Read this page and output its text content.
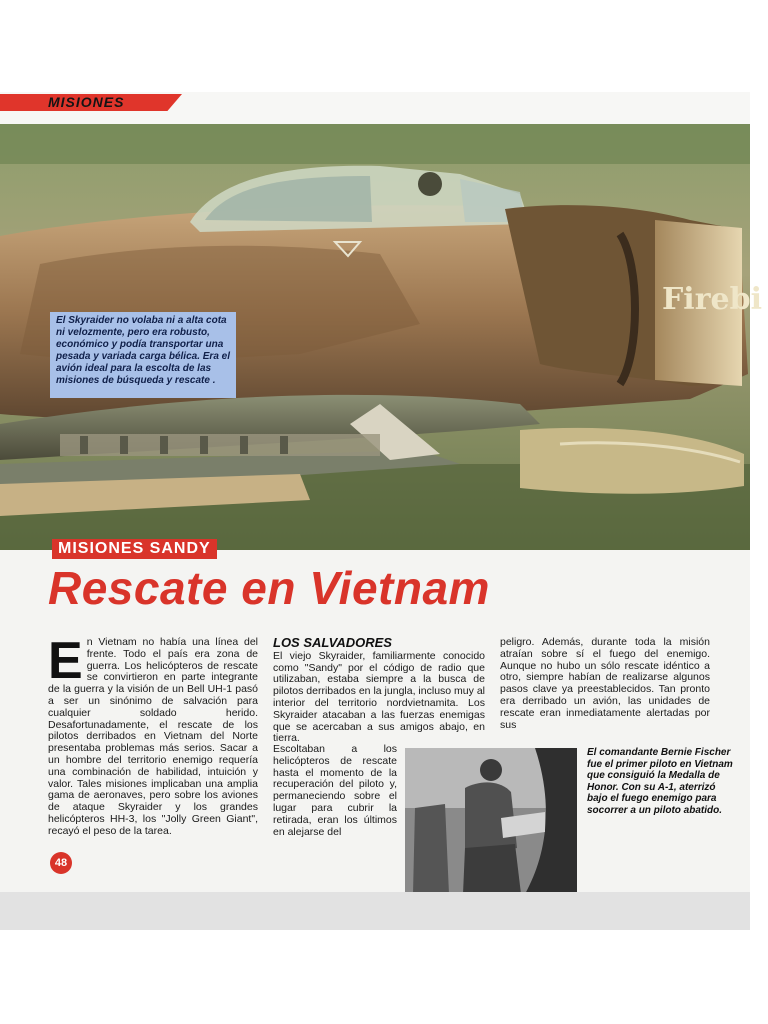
MISIONES
Firebi
El Skyraider no volaba ni a alta cota ni velozmente, pero era robusto, económico y podía transportar una pesada y variada carga bélica. Era el avión ideal para la escolta de las misiones de búsqueda y rescate .
MISIONES SANDY
Rescate en Vietnam
En Vietnam no había una línea del frente. Todo el país era zona de guerra. Los helicópteros de rescate se convirtieron en parte integrante de la guerra y la visión de un Bell UH-1 pasó a ser un sinónimo de salvación para cualquier soldado herido. Desafortunadamente, el rescate de los pilotos derribados en Vietnam del Norte presentaba problemas más serios. Sacar a un hombre del territorio enemigo requería una combinación de habilidad, intuición y valor. Tales misiones implicaban una amplia gama de aeronaves, pero sobre los aviones de ataque Skyraider y los grandes helicópteros HH-3, los "Jolly Green Giant", recayó el peso de la tarea.
LOS SALVADORES

El viejo Skyraider, familiarmente conocido como "Sandy" por el código de radio que utilizaban, estaba siempre a la busca de pilotos derribados en la jungla, incluso muy al interior del territorio nordvietnamita. Los Skyraider atacaban a las fuerzas enemigas que se acercaban a sus amigos abajo, en tierra.

Escoltaban a los helicópteros de rescate hasta el momento de la recuperación del piloto y, permaneciendo sobre el lugar para cubrir la retirada, eran los últimos en alejarse del

peligro. Además, durante toda la misión atraían sobre sí el fuego del enemigo. Aunque no hubo un sólo rescate idéntico a otro, siempre habían de realizarse algunos pasos clave ya preestablecidos. Tan pronto era derribado un avión, las unidades de rescate eran inmediatamente alertadas por sus

El comandante Bernie Fischer fue el primer piloto en Vietnam que consiguió la Medalla de Honor. Con su A-1, aterrizó bajo el fuego enemigo para socorrer a un piloto abatido.
48
